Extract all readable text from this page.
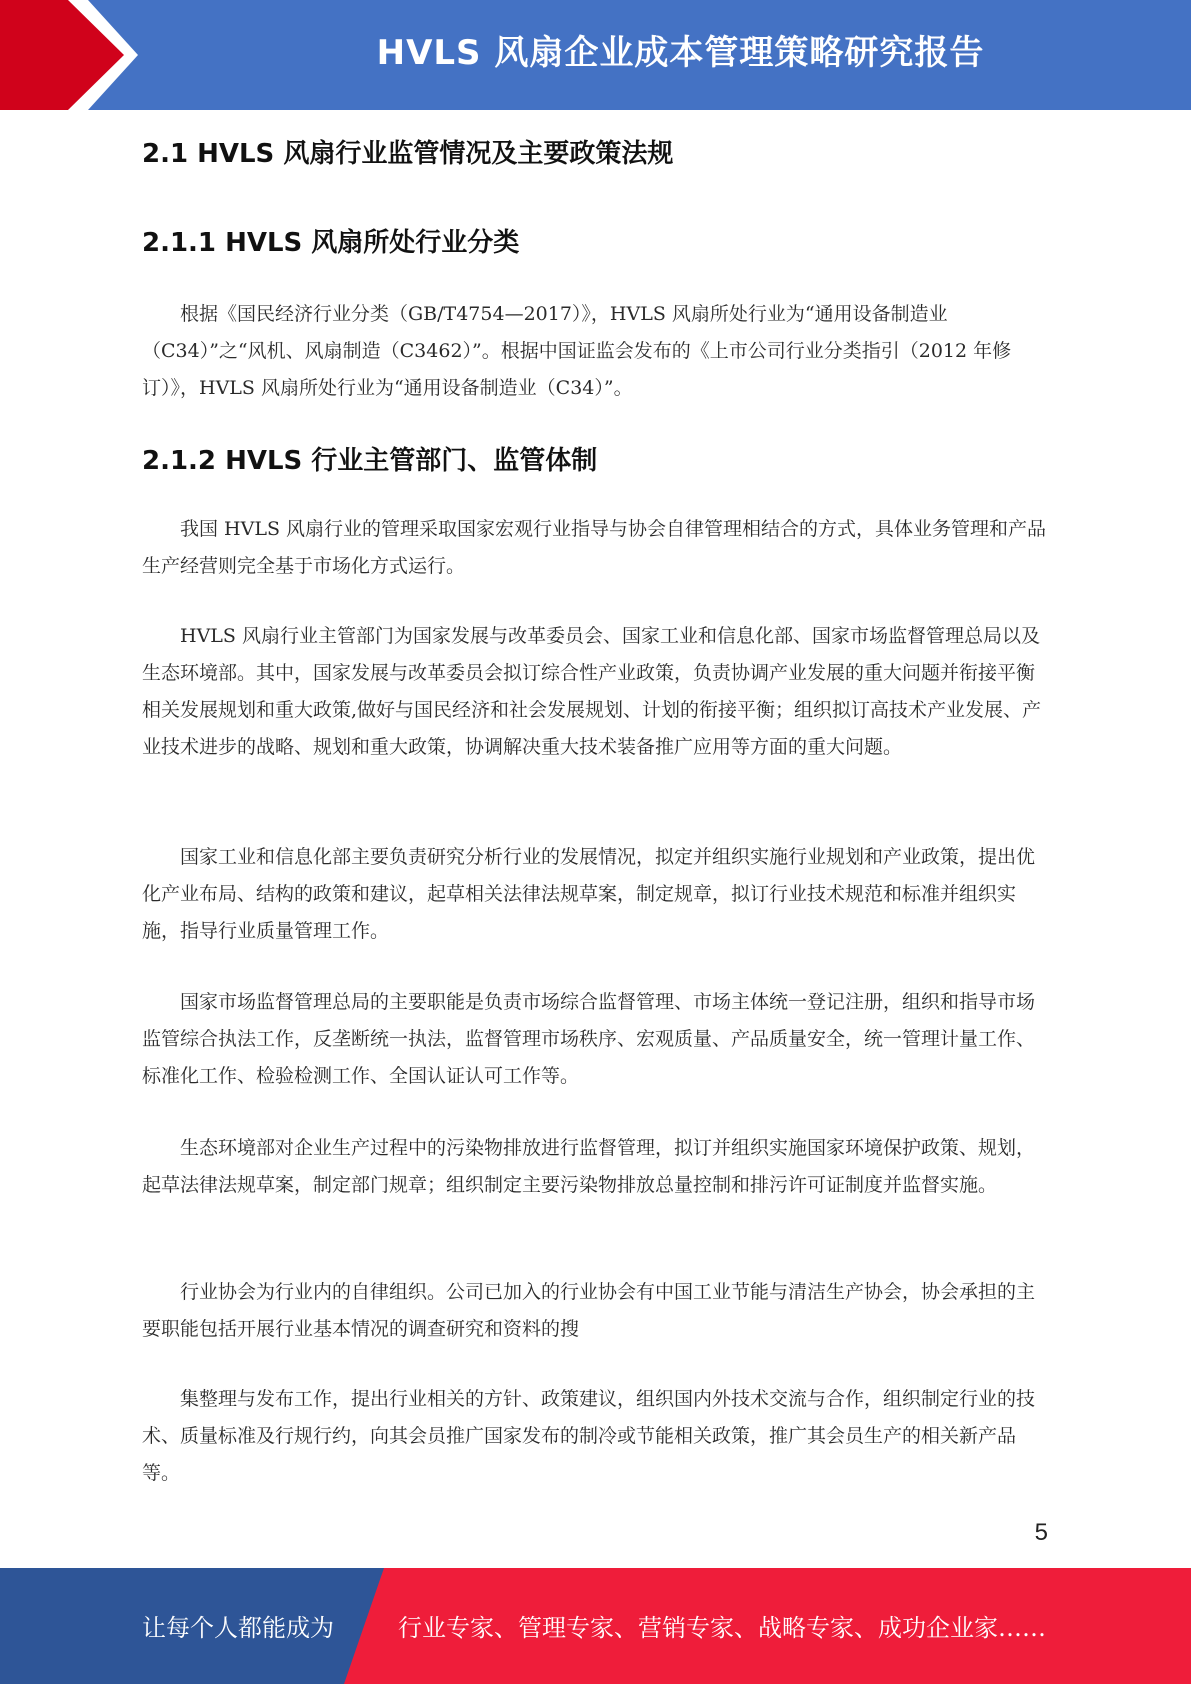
HVLS 风扇企业成本管理策略研究报告
2.1 HVLS 风扇行业监管情况及主要政策法规
2.1.1 HVLS 风扇所处行业分类

根据《国民经济行业分类（GB/T4754—2017）》，HVLS 风扇所处行业为“通用设备制造业（C34）”之“风机、风扇制造（C3462）”。根据中国证监会发布的《上市公司行业分类指引（2012 年修订）》，HVLS 风扇所处行业为“通用设备制造业（C34）”。

2.1.2 HVLS 行业主管部门、监管体制

我国 HVLS 风扇行业的管理采取国家宏观行业指导与协会自律管理相结合的方式，具体业务管理和产品生产经营则完全基于市场化方式运行。

HVLS 风扇行业主管部门为国家发展与改革委员会、国家工业和信息化部、国家市场监督管理总局以及生态环境部。其中，国家发展与改革委员会拟订综合性产业政策，负责协调产业发展的重大问题并衔接平衡相关发展规划和重大政策,做好与国民经济和社会发展规划、计划的衔接平衡；组织拟订高技术产业发展、产业技术进步的战略、规划和重大政策，协调解决重大技术装备推广应用等方面的重大问题。

国家工业和信息化部主要负责研究分析行业的发展情况，拟定并组织实施行业规划和产业政策，提出优化产业布局、结构的政策和建议，起草相关法律法规草案，制定规章，拟订行业技术规范和标准并组织实施，指导行业质量管理工作。

国家市场监督管理总局的主要职能是负责市场综合监督管理、市场主体统一登记注册，组织和指导市场监管综合执法工作，反垄断统一执法，监督管理市场秩序、宏观质量、产品质量安全，统一管理计量工作、标准化工作、检验检测工作、全国认证认可工作等。

生态环境部对企业生产过程中的污染物排放进行监督管理，拟订并组织实施国家环境保护政策、规划，起草法律法规草案，制定部门规章；组织制定主要污染物排放总量控制和排污许可证制度并监督实施。

行业协会为行业内的自律组织。公司已加入的行业协会有中国工业节能与清洁生产协会，协会承担的主要职能包括开展行业基本情况的调查研究和资料的搜

集整理与发布工作，提出行业相关的方针、政策建议，组织国内外技术交流与合作，组织制定行业的技术、质量标准及行规行约，向其会员推广国家发布的制冷或节能相关政策，推广其会员生产的相关新产品等。

5
让每个人都能成为	行业专家、管理专家、营销专家、战略专家、成功企业家……
